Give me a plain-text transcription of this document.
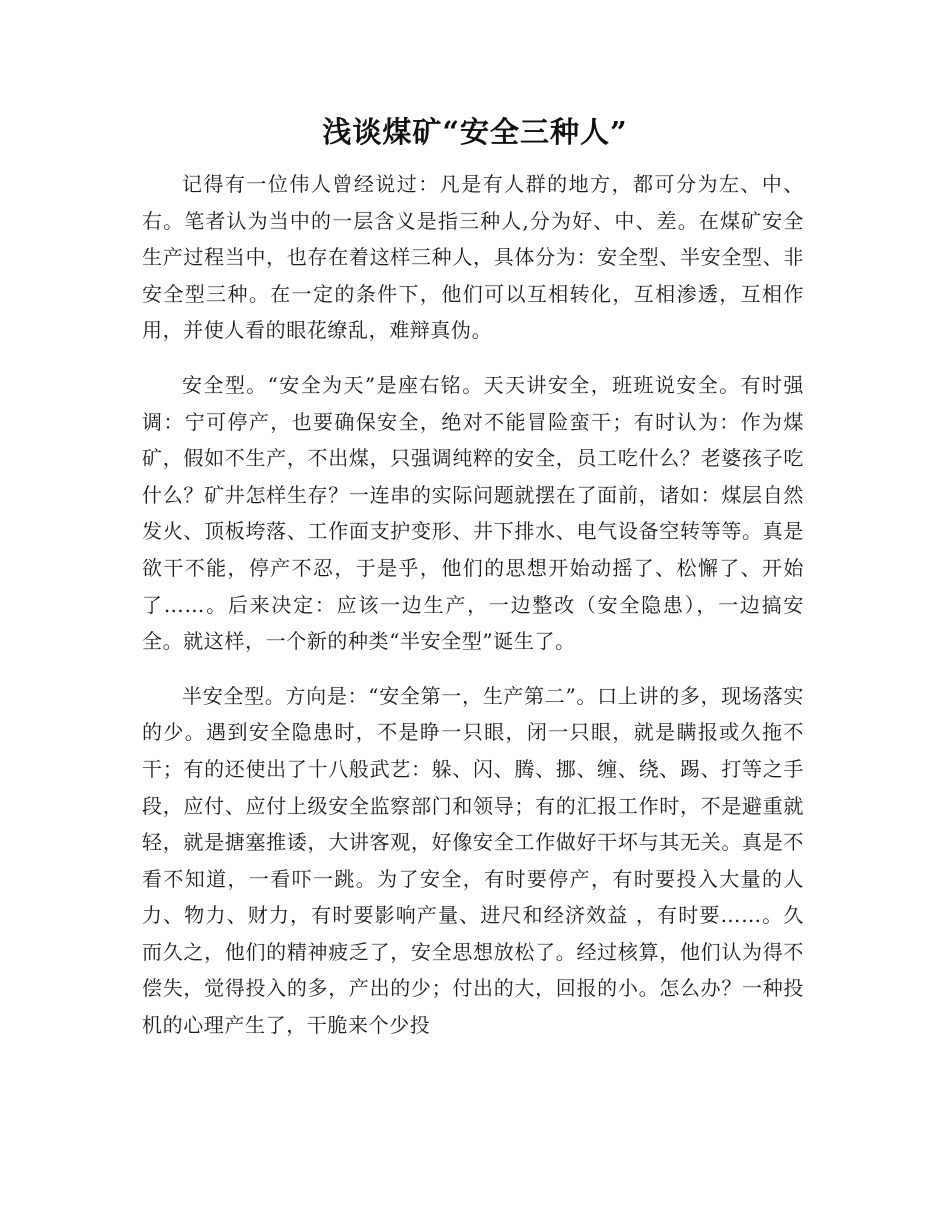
浅谈煤矿“安全三种人”

记得有一位伟人曾经说过：凡是有人群的地方，都可分为左、中、右。笔者认为当中的一层含义是指三种人,分为好、中、差。在煤矿安全生产过程当中，也存在着这样三种人，具体分为：安全型、半安全型、非安全型三种。在一定的条件下，他们可以互相转化，互相渗透，互相作用，并使人看的眼花缭乱，难辩真伪。

安全型。“安全为天”是座右铭。天天讲安全，班班说安全。有时强调：宁可停产，也要确保安全，绝对不能冒险蛮干；有时认为：作为煤矿，假如不生产，不出煤，只强调纯粹的安全，员工吃什么？老婆孩子吃什么？矿井怎样生存？一连串的实际问题就摆在了面前，诸如：煤层自然发火、顶板垮落、工作面支护变形、井下排水、电气设备空转等等。真是欲干不能，停产不忍，于是乎，他们的思想开始动摇了、松懈了、开始了……。后来决定：应该一边生产，一边整改（安全隐患），一边搞安全。就这样，一个新的种类“半安全型”诞生了。

半安全型。方向是：“安全第一，生产第二”。口上讲的多，现场落实的少。遇到安全隐患时，不是睁一只眼，闭一只眼，就是瞒报或久拖不干；有的还使出了十八般武艺：躲、闪、腾、挪、缠、绕、踢、打等之手段，应付、应付上级安全监察部门和领导；有的汇报工作时，不是避重就轻，就是搪塞推诿，大讲客观，好像安全工作做好干坏与其无关。真是不看不知道，一看吓一跳。为了安全，有时要停产，有时要投入大量的人力、物力、财力，有时要影响产量、进尺和经济效益 ，有时要……。久而久之，他们的精神疲乏了，安全思想放松了。经过核算，他们认为得不偿失，觉得投入的多，产出的少；付出的大，回报的小。怎么办？一种投机的心理产生了，干脆来个少投
